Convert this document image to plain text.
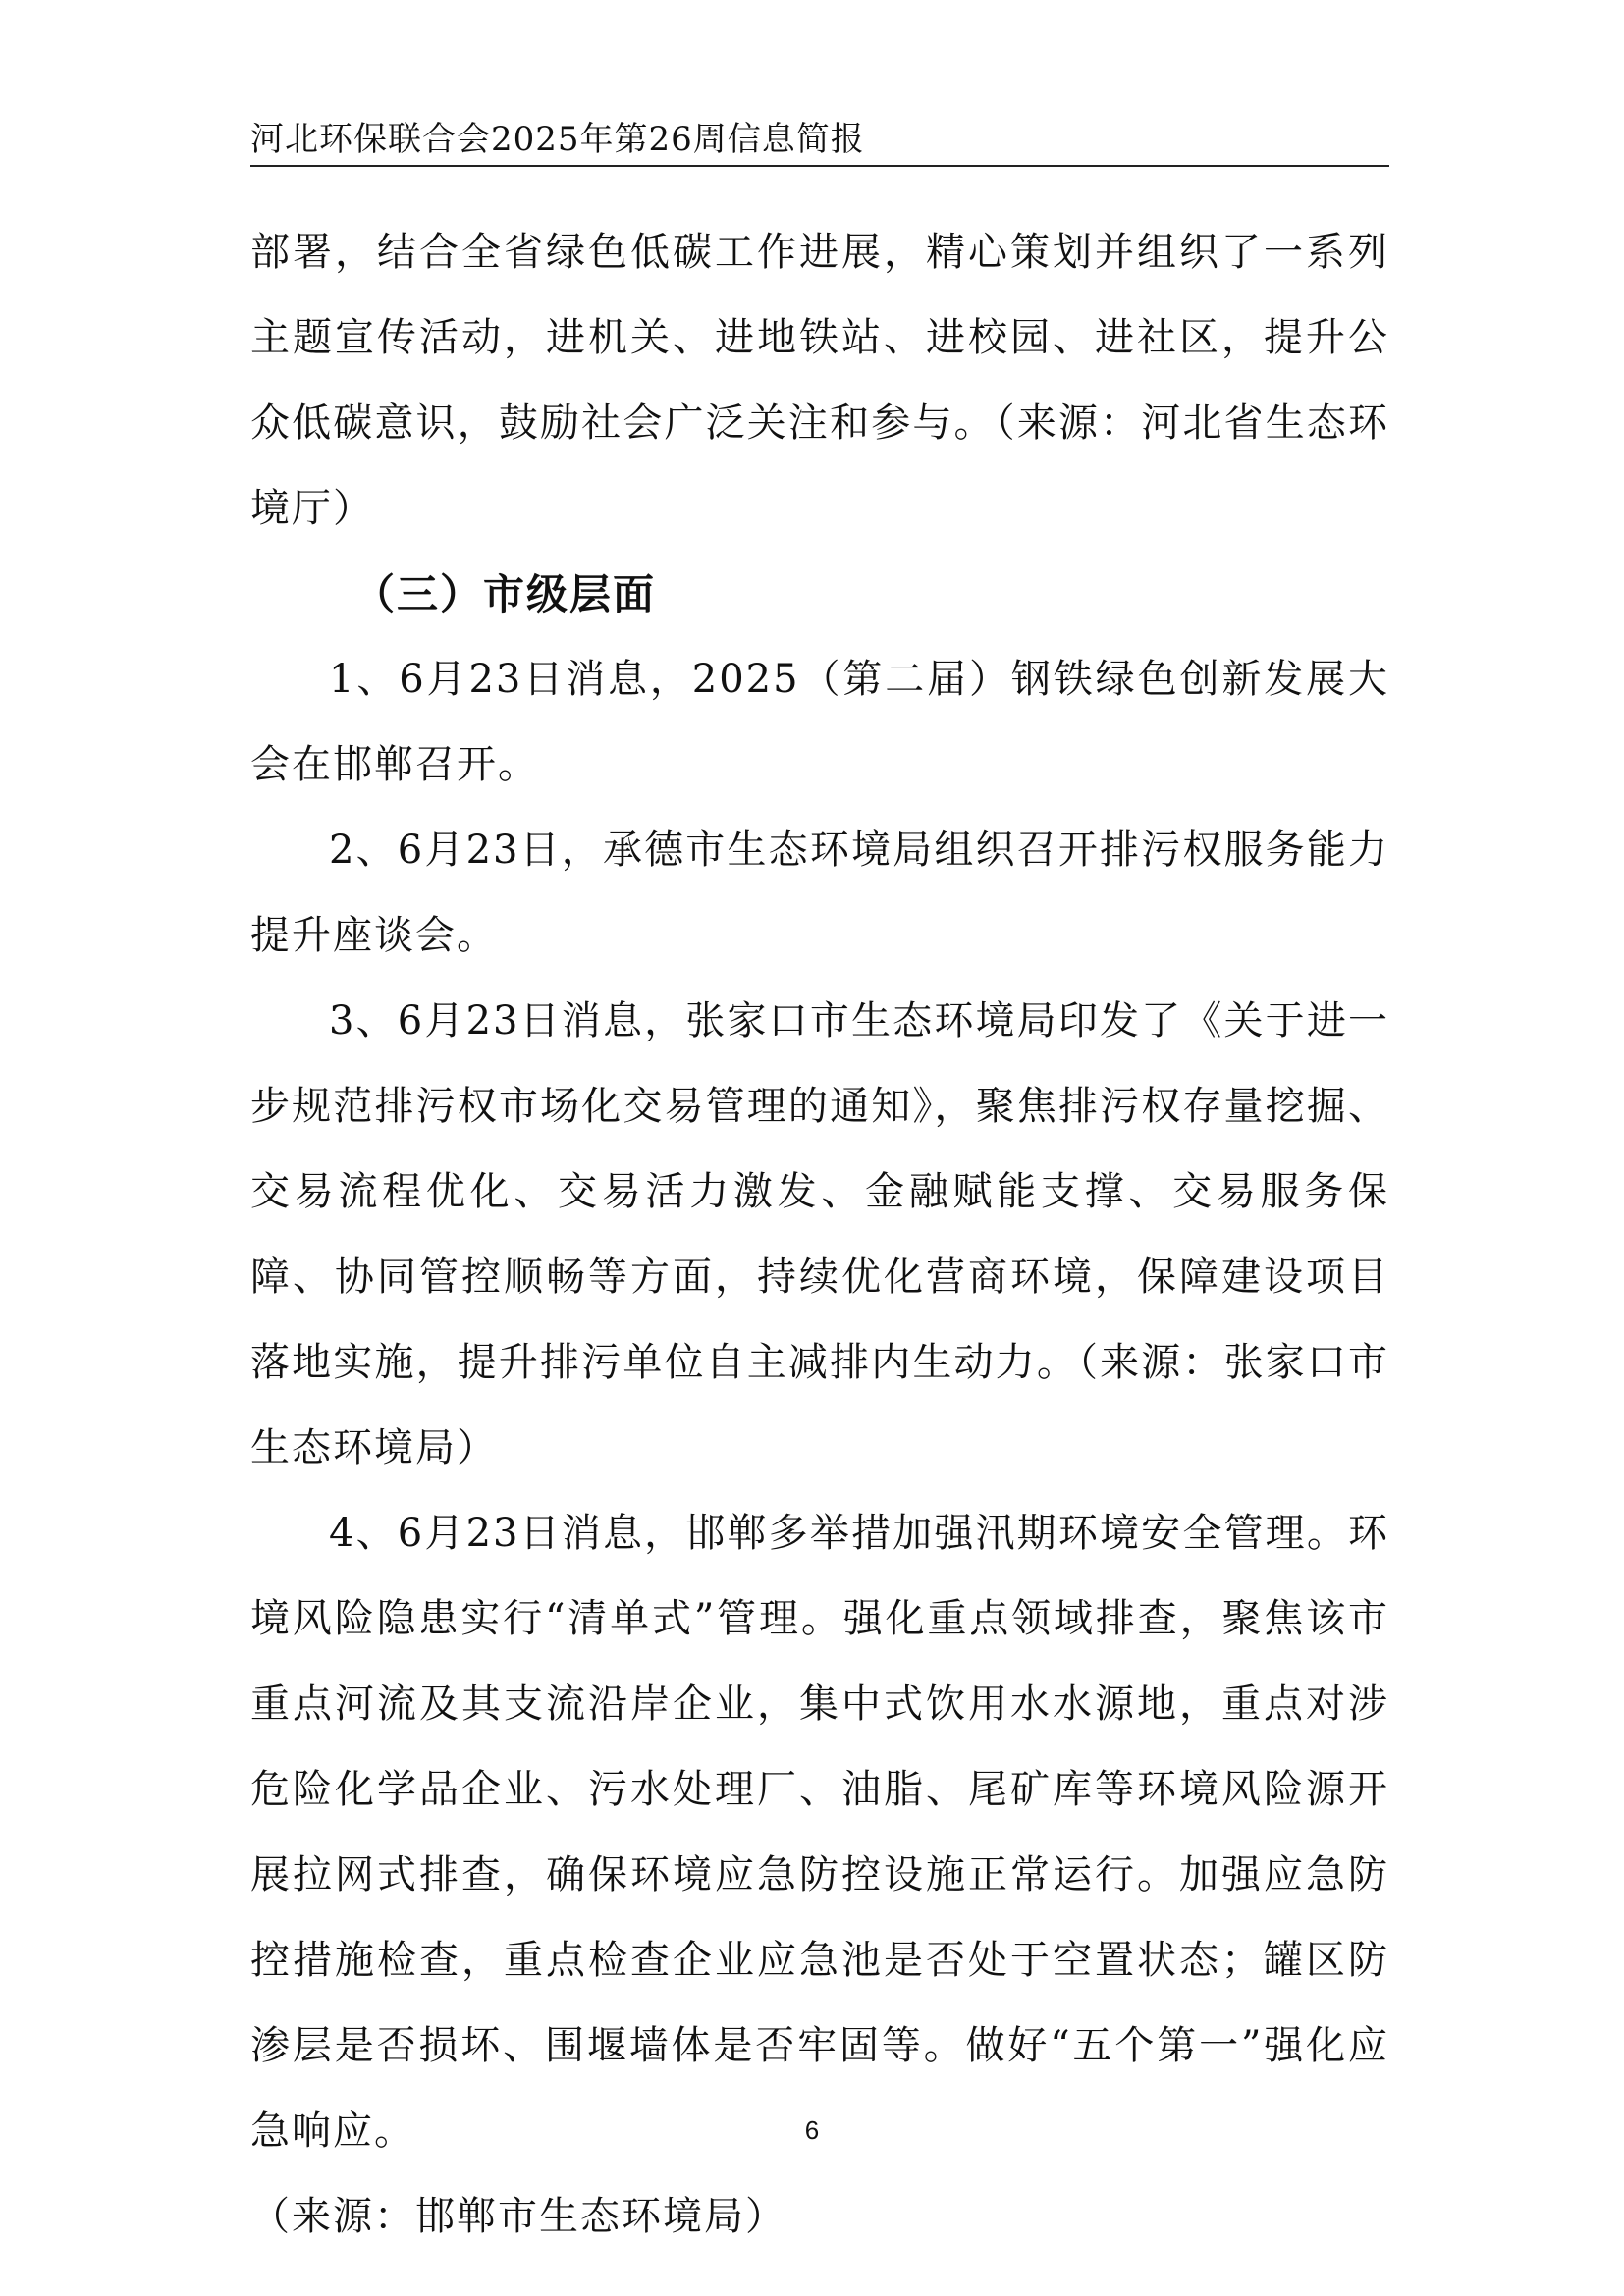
河北环保联合会2025年第26周信息简报

部署，结合全省绿色低碳工作进展，精心策划并组织了一系列主题宣传活动，进机关、进地铁站、进校园、进社区，提升公众低碳意识，鼓励社会广泛关注和参与。（来源：河北省生态环境厅）

（三）市级层面

1、6月23日消息，2025（第二届）钢铁绿色创新发展大会在邯郸召开。

2、6月23日，承德市生态环境局组织召开排污权服务能力提升座谈会。

3、6月23日消息，张家口市生态环境局印发了《关于进一步规范排污权市场化交易管理的通知》，聚焦排污权存量挖掘、交易流程优化、交易活力激发、金融赋能支撑、交易服务保障、协同管控顺畅等方面，持续优化营商环境，保障建设项目落地实施，提升排污单位自主减排内生动力。（来源：张家口市生态环境局）

4、6月23日消息，邯郸多举措加强汛期环境安全管理。环境风险隐患实行“清单式”管理。强化重点领域排查，聚焦该市重点河流及其支流沿岸企业，集中式饮用水水源地，重点对涉危险化学品企业、污水处理厂、油脂、尾矿库等环境风险源开展拉网式排查，确保环境应急防控设施正常运行。加强应急防控措施检查，重点检查企业应急池是否处于空置状态；罐区防渗层是否损坏、围堰墙体是否牢固等。做好“五个第一”强化应急响应。

（来源：邯郸市生态环境局）

6
